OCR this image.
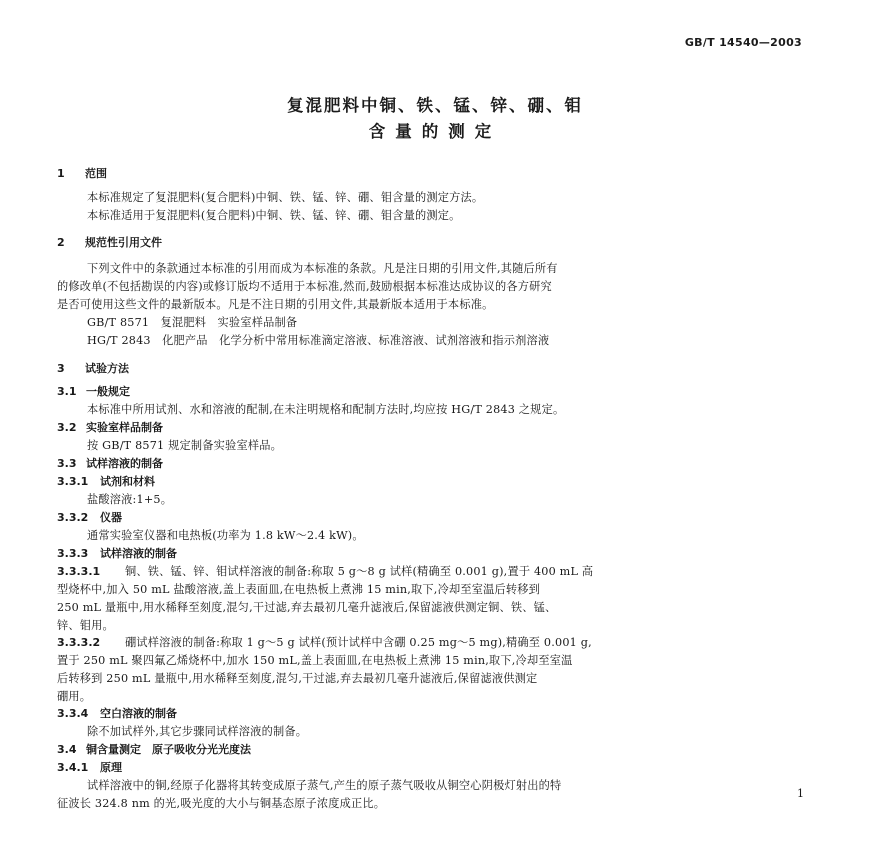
GB/T 14540—2003
复混肥料中铜、铁、锰、锌、硼、钼
含量的测定
1 范围
本标准规定了复混肥料(复合肥料)中铜、铁、锰、锌、硼、钼含量的测定方法。
本标准适用于复混肥料(复合肥料)中铜、铁、锰、锌、硼、钼含量的测定。
2 规范性引用文件
下列文件中的条款通过本标准的引用而成为本标准的条款。凡是注日期的引用文件,其随后所有
的修改单(不包括勘误的内容)或修订版均不适用于本标准,然而,鼓励根据本标准达成协议的各方研究
是否可使用这些文件的最新版本。凡是不注日期的引用文件,其最新版本适用于本标准。
GB/T 8571　复混肥料　实验室样品制备
HG/T 2843　化肥产品　化学分析中常用标准滴定溶液、标准溶液、试剂溶液和指示剂溶液
3 试验方法
3.1 一般规定
本标准中所用试剂、水和溶液的配制,在未注明规格和配制方法时,均应按 HG/T 2843 之规定。
3.2 实验室样品制备
按 GB/T 8571 规定制备实验室样品。
3.3 试样溶液的制备
3.3.1 试剂和材料
盐酸溶液:1+5。
3.3.2 仪器
通常实验室仪器和电热板(功率为 1.8 kW～2.4 kW)。
3.3.3 试样溶液的制备
3.3.3.1 铜、铁、锰、锌、钼试样溶液的制备:称取 5 g～8 g 试样(精确至 0.001 g),置于 400 mL 高
型烧杯中,加入 50 mL 盐酸溶液,盖上表面皿,在电热板上煮沸 15 min,取下,冷却至室温后转移到
250 mL 量瓶中,用水稀释至刻度,混匀,干过滤,弃去最初几毫升滤液后,保留滤液供测定铜、铁、锰、
锌、钼用。
3.3.3.2 硼试样溶液的制备:称取 1 g～5 g 试样(预计试样中含硼 0.25 mg～5 mg),精确至 0.001 g,
置于 250 mL 聚四氟乙烯烧杯中,加水 150 mL,盖上表面皿,在电热板上煮沸 15 min,取下,冷却至室温
后转移到 250 mL 量瓶中,用水稀释至刻度,混匀,干过滤,弃去最初几毫升滤液后,保留滤液供测定
硼用。
3.3.4 空白溶液的制备
除不加试样外,其它步骤同试样溶液的制备。
3.4 铜含量测定　原子吸收分光光度法
3.4.1 原理
试样溶液中的铜,经原子化器将其转变成原子蒸气,产生的原子蒸气吸收从铜空心阴极灯射出的特
征波长 324.8 nm 的光,吸光度的大小与铜基态原子浓度成正比。
1
